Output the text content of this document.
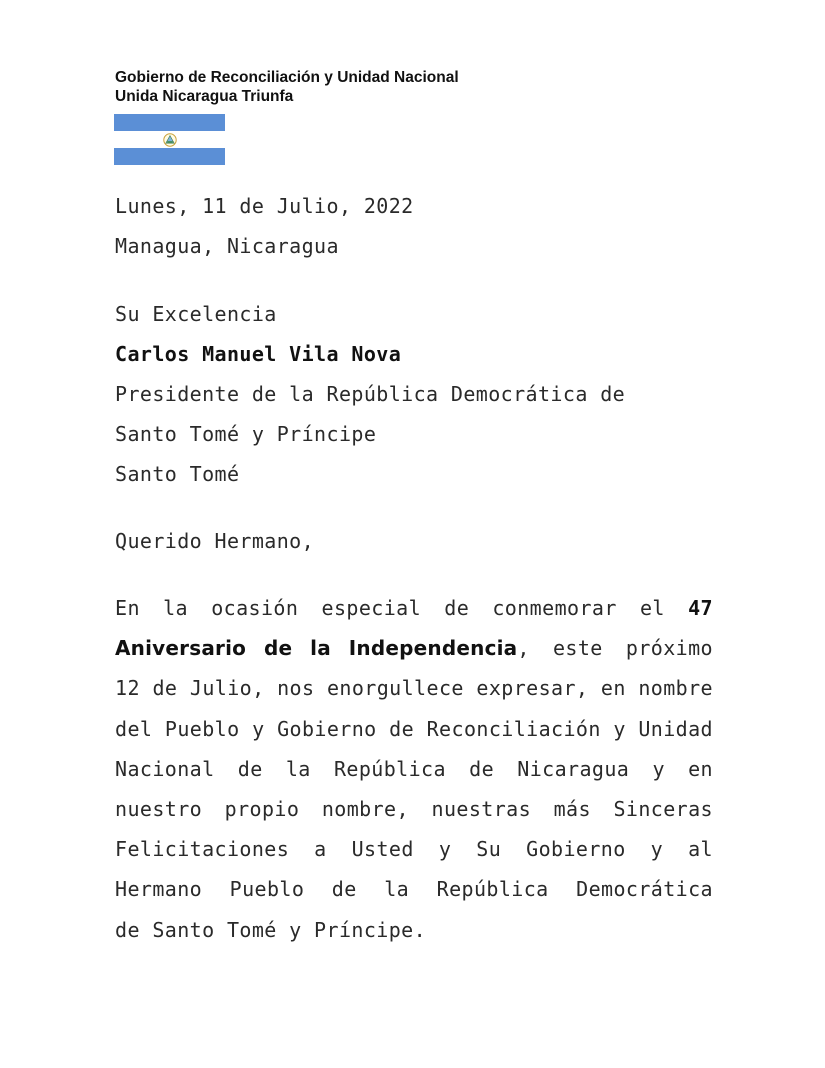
Gobierno de Reconciliación y Unidad Nacional
Unida Nicaragua Triunfa
Lunes, 11 de Julio, 2022
Managua, Nicaragua
Su Excelencia
Carlos Manuel Vila Nova
Presidente de la República Democrática de
Santo Tomé y Príncipe
Santo Tomé
Querido Hermano,
En la ocasión especial de conmemorar el 47
Aniversario de la Independencia, este próximo
12 de Julio, nos enorgullece expresar, en nombre
del Pueblo y Gobierno de Reconciliación y Unidad
Nacional de la República de Nicaragua y en
nuestro propio nombre, nuestras más Sinceras
Felicitaciones a Usted y Su Gobierno y al
Hermano Pueblo de la República Democrática
de Santo Tomé y Príncipe.
